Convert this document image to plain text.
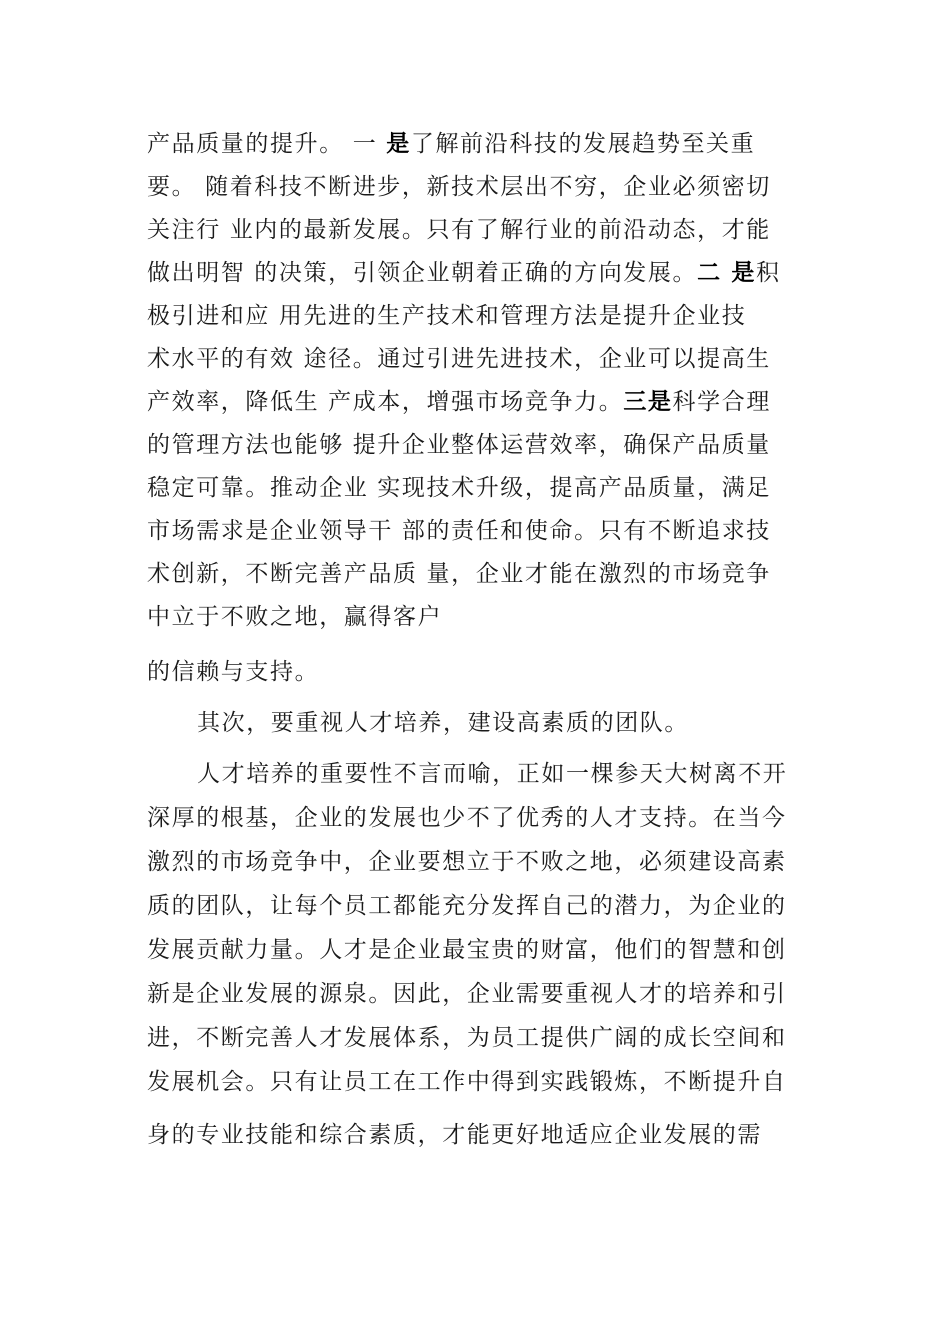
产品质量的提升。 一 是了解前沿科技的发展趋势至关重
要。 随着科技不断进步，新技术层出不穷，企业必须密切
关注行 业内的最新发展。只有了解行业的前沿动态，才能
做出明智 的决策，引领企业朝着正确的方向发展。二 是积
极引进和应 用先进的生产技术和管理方法是提升企业技
术水平的有效 途径。通过引进先进技术，企业可以提高生
产效率，降低生 产成本，增强市场竞争力。三是科学合理
的管理方法也能够 提升企业整体运营效率，确保产品质量
稳定可靠。推动企业 实现技术升级，提高产品质量，满足
市场需求是企业领导干 部的责任和使命。只有不断追求技
术创新，不断完善产品质 量，企业才能在激烈的市场竞争
中立于不败之地，赢得客户
的信赖与支持。
其次，要重视人才培养，建设高素质的团队。
人才培养的重要性不言而喻，正如一棵参天大树离不开
深厚的根基，企业的发展也少不了优秀的人才支持。在当今
激烈的市场竞争中，企业要想立于不败之地，必须建设高素
质的团队，让每个员工都能充分发挥自己的潜力，为企业的
发展贡献力量。人才是企业最宝贵的财富，他们的智慧和创
新是企业发展的源泉。因此，企业需要重视人才的培养和引
进，不断完善人才发展体系，为员工提供广阔的成长空间和
发展机会。只有让员工在工作中得到实践锻炼，不断提升自
身的专业技能和综合素质，才能更好地适应企业发展的需
